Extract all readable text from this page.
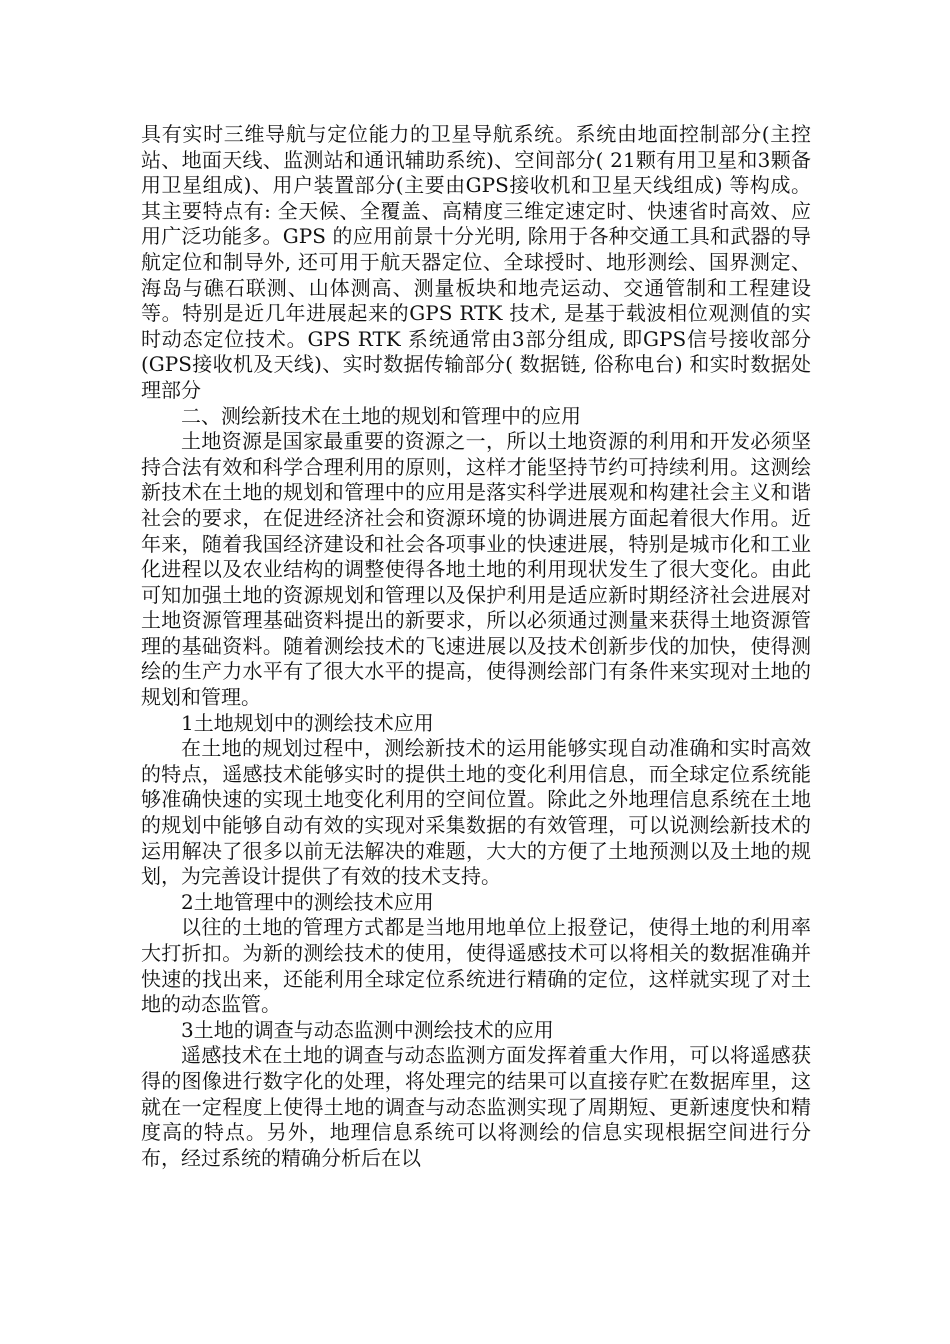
具有实时三维导航与定位能力的卫星导航系统。系统由地面控制部分(主控站、地面天线、监测站和通讯辅助系统)、空间部分( 21颗有用卫星和3颗备用卫星组成)、用户装置部分(主要由GPS接收机和卫星天线组成) 等构成。其主要特点有: 全天候、全覆盖、高精度三维定速定时、快速省时高效、应用广泛功能多。GPS 的应用前景十分光明, 除用于各种交通工具和武器的导航定位和制导外, 还可用于航天器定位、全球授时、地形测绘、国界测定、海岛与礁石联测、山体测高、测量板块和地壳运动、交通管制和工程建设等。特别是近几年进展起来的GPS RTK 技术, 是基于载波相位观测值的实时动态定位技术。GPS RTK 系统通常由3部分组成, 即GPS信号接收部分(GPS接收机及天线)、实时数据传输部分( 数据链, 俗称电台) 和实时数据处理部分

二、测绘新技术在土地的规划和管理中的应用

土地资源是国家最重要的资源之一，所以土地资源的利用和开发必须坚持合法有效和科学合理利用的原则，这样才能坚持节约可持续利用。这测绘新技术在土地的规划和管理中的应用是落实科学进展观和构建社会主义和谐社会的要求，在促进经济社会和资源环境的协调进展方面起着很大作用。近年来，随着我国经济建设和社会各项事业的快速进展，特别是城市化和工业化进程以及农业结构的调整使得各地土地的利用现状发生了很大变化。由此可知加强土地的资源规划和管理以及保护利用是适应新时期经济社会进展对土地资源管理基础资料提出的新要求，所以必须通过测量来获得土地资源管理的基础资料。随着测绘技术的飞速进展以及技术创新步伐的加快，使得测绘的生产力水平有了很大水平的提高，使得测绘部门有条件来实现对土地的规划和管理。

1土地规划中的测绘技术应用

在土地的规划过程中，测绘新技术的运用能够实现自动准确和实时高效的特点，遥感技术能够实时的提供土地的变化利用信息，而全球定位系统能够准确快速的实现土地变化利用的空间位置。除此之外地理信息系统在土地的规划中能够自动有效的实现对采集数据的有效管理，可以说测绘新技术的运用解决了很多以前无法解决的难题，大大的方便了土地预测以及土地的规划，为完善设计提供了有效的技术支持。

2土地管理中的测绘技术应用

以往的土地的管理方式都是当地用地单位上报登记，使得土地的利用率大打折扣。为新的测绘技术的使用，使得遥感技术可以将相关的数据准确并快速的找出来，还能利用全球定位系统进行精确的定位，这样就实现了对土地的动态监管。

3土地的调查与动态监测中测绘技术的应用

遥感技术在土地的调查与动态监测方面发挥着重大作用，可以将遥感获得的图像进行数字化的处理，将处理完的结果可以直接存贮在数据库里，这就在一定程度上使得土地的调查与动态监测实现了周期短、更新速度快和精度高的特点。另外，地理信息系统可以将测绘的信息实现根据空间进行分布，经过系统的精确分析后在以
